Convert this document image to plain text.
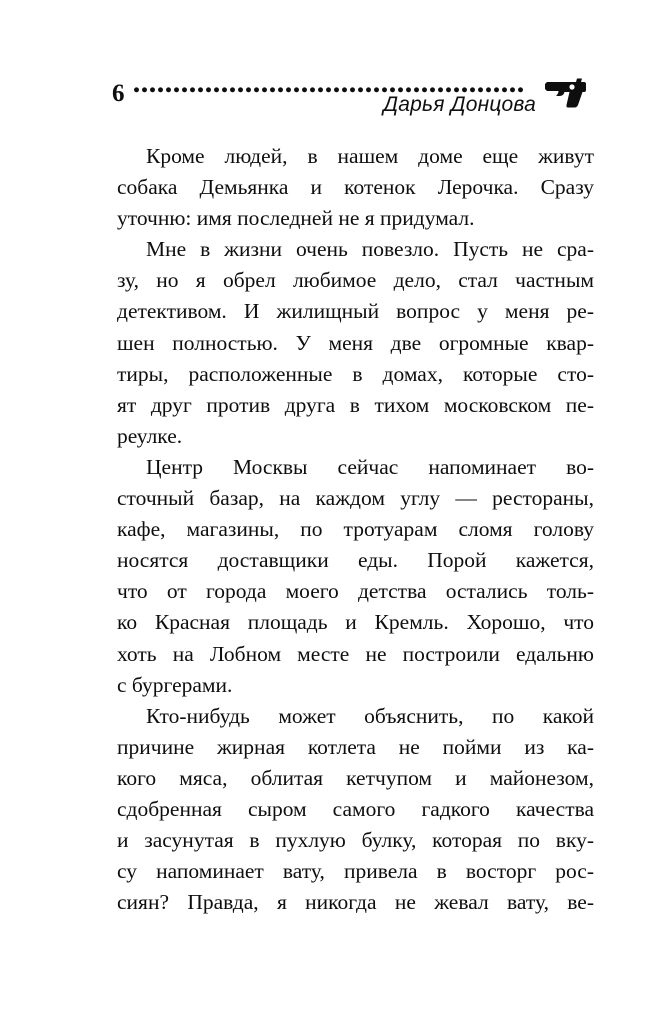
6	Дарья Донцова
Кроме людей, в нашем доме еще живут
собака Демьянка и котенок Лерочка. Сразу
уточню: имя последней не я придумал.
Мне в жизни очень повезло. Пусть не сра-
зу, но я обрел любимое дело, стал частным
детективом. И жилищный вопрос у меня ре-
шен полностью. У меня две огромные квар-
тиры, расположенные в домах, которые сто-
ят друг против друга в тихом московском пе-
реулке.
Центр Москвы сейчас напоминает во-
сточный базар, на каждом углу — рестораны,
кафе, магазины, по тротуарам сломя голову
носятся доставщики еды. Порой кажется,
что от города моего детства остались толь-
ко Красная площадь и Кремль. Хорошо, что
хоть на Лобном месте не построили едальню
с бургерами.
Кто-нибудь может объяснить, по какой
причине жирная котлета не пойми из ка-
кого мяса, облитая кетчупом и майонезом,
сдобренная сыром самого гадкого качества
и засунутая в пухлую булку, которая по вку-
су напоминает вату, привела в восторг рос-
сиян? Правда, я никогда не жевал вату, ве-
